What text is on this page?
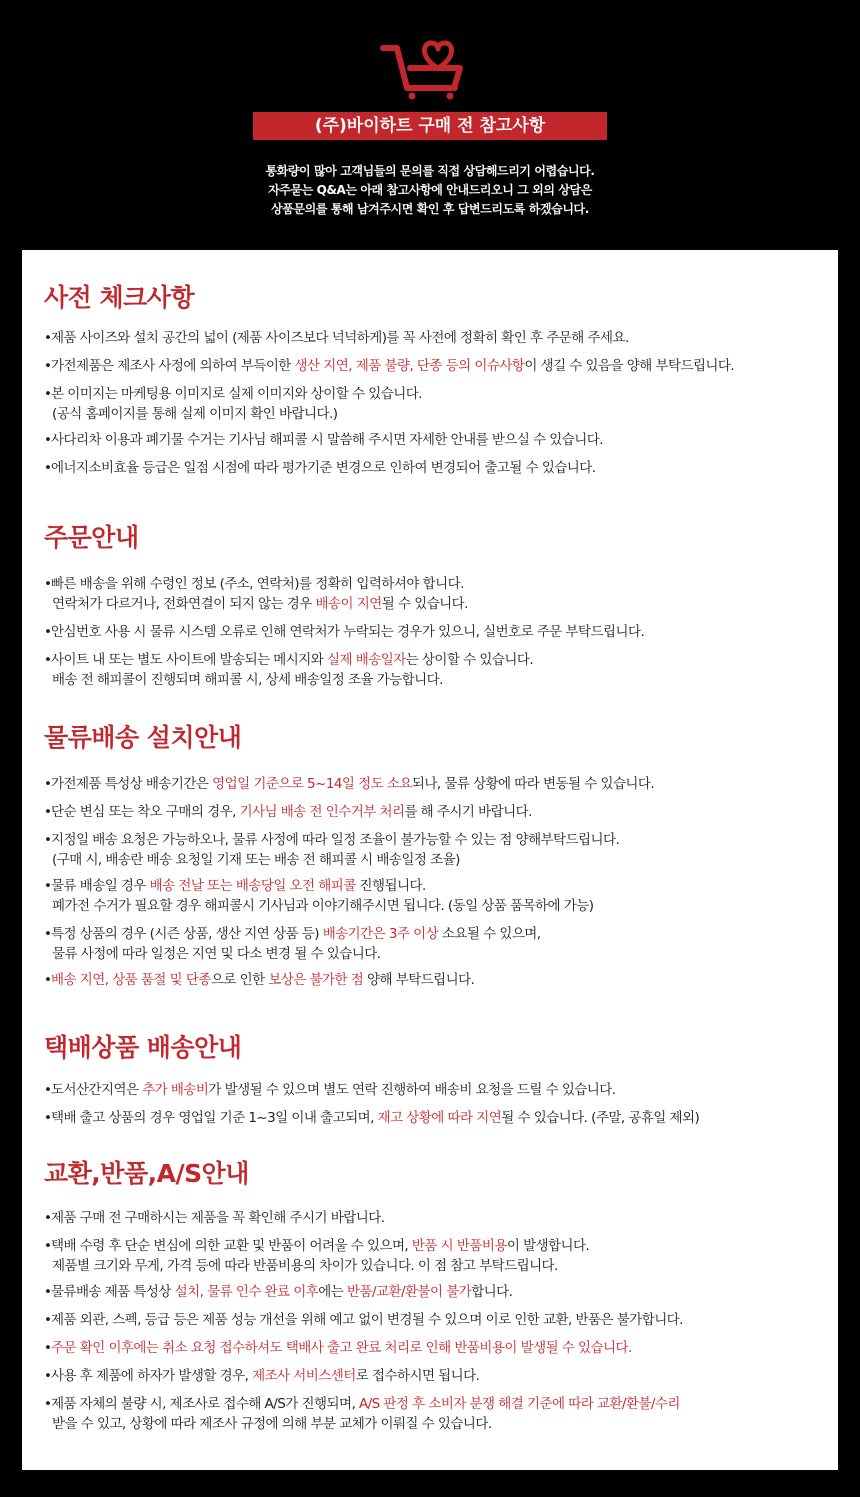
(주)바이하트 구매 전 참고사항
통화량이 많아 고객님들의 문의를 직접 상담해드리기 어렵습니다.
자주묻는 Q&A는 아래 참고사항에 안내드리오니 그 외의 상담은
상품문의를 통해 남겨주시면 확인 후 답변드리도록 하겠습니다.
사전 체크사항
•제품 사이즈와 설치 공간의 넓이 (제품 사이즈보다 넉넉하게)를 꼭 사전에 정확히 확인 후 주문해 주세요.
•가전제품은 제조사 사정에 의하여 부득이한 생산 지연, 제품 불량, 단종 등의 이슈사항이 생길 수 있음을 양해 부탁드립니다.
•본 이미지는 마케팅용 이미지로 실제 이미지와 상이할 수 있습니다.
(공식 홈페이지를 통해 실제 이미지 확인 바랍니다.)
•사다리차 이용과 폐기물 수거는 기사님 해피콜 시 말씀해 주시면 자세한 안내를 받으실 수 있습니다.
•에너지소비효율 등급은 일점 시점에 따라 평가기준 변경으로 인하여 변경되어 출고될 수 있습니다.
주문안내
•빠른 배송을 위해 수령인 정보 (주소, 연락처)를 정확히 입력하셔야 합니다.
연락처가 다르거나, 전화연결이 되지 않는 경우 배송이 지연될 수 있습니다.
•안심번호 사용 시 물류 시스템 오류로 인해 연락처가 누락되는 경우가 있으니, 실번호로 주문 부탁드립니다.
•사이트 내 또는 별도 사이트에 발송되는 메시지와 실제 배송일자는 상이할 수 있습니다.
배송 전 해피콜이 진행되며 해피콜 시, 상세 배송일정 조율 가능합니다.
물류배송 설치안내
•가전제품 특성상 배송기간은 영업일 기준으로 5~14일 정도 소요되나, 물류 상황에 따라 변동될 수 있습니다.
•단순 변심 또는 착오 구매의 경우, 기사님 배송 전 인수거부 처리를 해 주시기 바랍니다.
•지정일 배송 요청은 가능하오나, 물류 사정에 따라 일정 조율이 불가능할 수 있는 점 양해부탁드립니다.
(구매 시, 배송란 배송 요청일 기재 또는 배송 전 해피콜 시 배송일정 조율)
•물류 배송일 경우 배송 전날 또는 배송당일 오전 해피콜 진행됩니다.
폐가전 수거가 필요할 경우 해피콜시 기사님과 이야기해주시면 됩니다. (동일 상품 품목하에 가능)
•특정 상품의 경우 (시즌 상품, 생산 지연 상품 등) 배송기간은 3주 이상 소요될 수 있으며,
물류 사정에 따라 일정은 지연 및 다소 변경 될 수 있습니다.
•배송 지연, 상품 품절 및 단종으로 인한 보상은 불가한 점 양해 부탁드립니다.
택배상품 배송안내
•도서산간지역은 추가 배송비가 발생될 수 있으며 별도 연락 진행하여 배송비 요청을 드릴 수 있습니다.
•택배 출고 상품의 경우 영업일 기준 1~3일 이내 출고되며, 재고 상황에 따라 지연될 수 있습니다. (주말, 공휴일 제외)
교환,반품,A/S안내
•제품 구매 전 구매하시는 제품을 꼭 확인해 주시기 바랍니다.
•택배 수령 후 단순 변심에 의한 교환 및 반품이 어려울 수 있으며, 반품 시 반품비용이 발생합니다.
제품별 크기와 무게, 가격 등에 따라 반품비용의 차이가 있습니다. 이 점 참고 부탁드립니다.
•물류배송 제품 특성상 설치, 물류 인수 완료 이후에는 반품/교환/환불이 불가합니다.
•제품 외관, 스펙, 등급 등은 제품 성능 개선을 위해 예고 없이 변경될 수 있으며 이로 인한 교환, 반품은 불가합니다.
•주문 확인 이후에는 취소 요청 접수하셔도 택배사 출고 완료 처리로 인해 반품비용이 발생될 수 있습니다.
•사용 후 제품에 하자가 발생할 경우, 제조사 서비스센터로 접수하시면 됩니다.
•제품 자체의 불량 시, 제조사로 접수해 A/S가 진행되며, A/S 판정 후 소비자 분쟁 해결 기준에 따라 교환/환불/수리
받을 수 있고, 상황에 따라 제조사 규정에 의해 부분 교체가 이뤄질 수 있습니다.
